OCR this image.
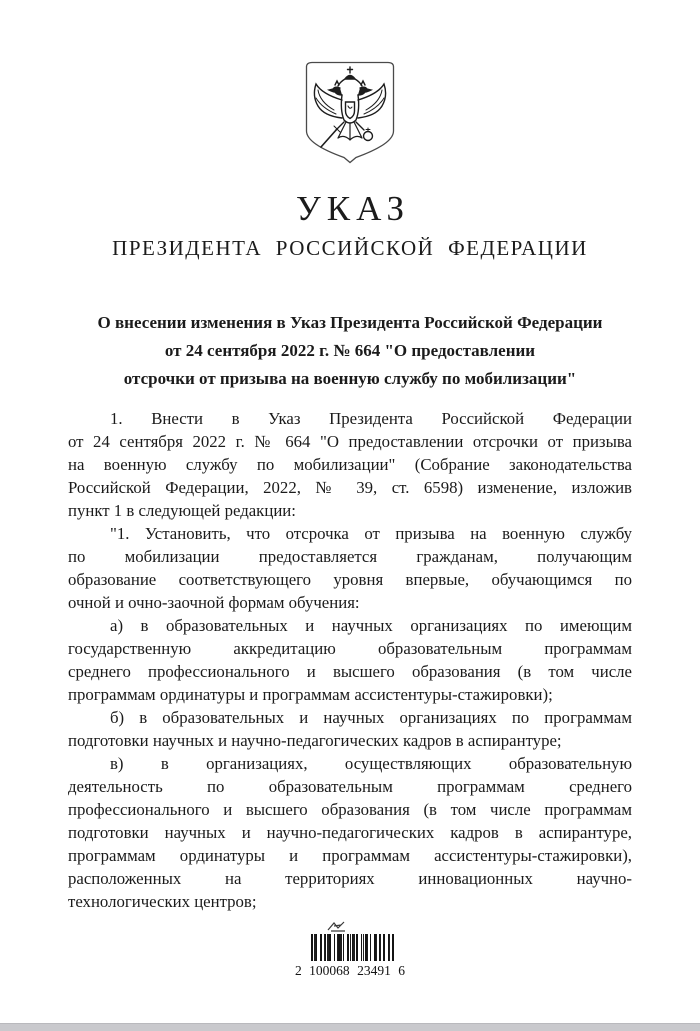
УКАЗ
ПРЕЗИДЕНТА РОССИЙСКОЙ ФЕДЕРАЦИИ
О внесении изменения в Указ Президента Российской Федерации
от 24 сентября 2022 г. № 664 "О предоставлении
отсрочки от призыва на военную службу по мобилизации"
1. Внести в Указ Президента Российской Федерации
от 24 сентября 2022 г. № 664 "О предоставлении отсрочки от призыва
на военную службу по мобилизации" (Собрание законодательства
Российской Федерации, 2022, № 39, ст. 6598) изменение, изложив
пункт 1 в следующей редакции:
"1. Установить, что отсрочка от призыва на военную службу
по мобилизации предоставляется гражданам, получающим
образование соответствующего уровня впервые, обучающимся по
очной и очно-заочной формам обучения:
а) в образовательных и научных организациях по имеющим
государственную аккредитацию образовательным программам
среднего профессионального и высшего образования (в том числе
программам ординатуры и программам ассистентуры-стажировки);
б) в образовательных и научных организациях по программам
подготовки научных и научно-педагогических кадров в аспирантуре;
в) в организациях, осуществляющих образовательную
деятельность по образовательным программам среднего
профессионального и высшего образования (в том числе программам
подготовки научных и научно-педагогических кадров в аспирантуре,
программам ординатуры и программам ассистентуры-стажировки),
расположенных на территориях инновационных научно-
технологических центров;
2 100068 23491 6
